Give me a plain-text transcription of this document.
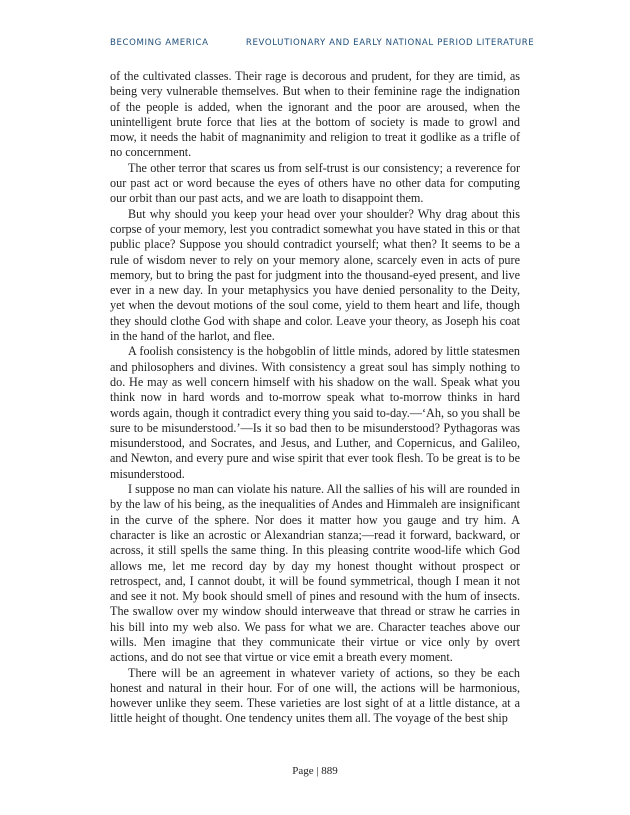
BECOMING AMERICA	REVOLUTIONARY AND EARLY NATIONAL PERIOD LITERATURE

of the cultivated classes. Their rage is decorous and prudent, for they are timid, as being very vulnerable themselves. But when to their feminine rage the indignation of the people is added, when the ignorant and the poor are aroused, when the unintelligent brute force that lies at the bottom of society is made to growl and mow, it needs the habit of magnanimity and religion to treat it godlike as a trifle of no concernment.

The other terror that scares us from self-trust is our consistency; a reverence for our past act or word because the eyes of others have no other data for computing our orbit than our past acts, and we are loath to disappoint them.

But why should you keep your head over your shoulder? Why drag about this corpse of your memory, lest you contradict somewhat you have stated in this or that public place? Suppose you should contradict yourself; what then? It seems to be a rule of wisdom never to rely on your memory alone, scarcely even in acts of pure memory, but to bring the past for judgment into the thousand-eyed present, and live ever in a new day. In your metaphysics you have denied personality to the Deity, yet when the devout motions of the soul come, yield to them heart and life, though they should clothe God with shape and color. Leave your theory, as Joseph his coat in the hand of the harlot, and flee.

A foolish consistency is the hobgoblin of little minds, adored by little statesmen and philosophers and divines. With consistency a great soul has simply nothing to do. He may as well concern himself with his shadow on the wall. Speak what you think now in hard words and to-morrow speak what to-morrow thinks in hard words again, though it contradict every thing you said to-day.—‘Ah, so you shall be sure to be misunderstood.’—Is it so bad then to be misunderstood? Pythagoras was misunderstood, and Socrates, and Jesus, and Luther, and Copernicus, and Galileo, and Newton, and every pure and wise spirit that ever took flesh. To be great is to be misunderstood.

I suppose no man can violate his nature. All the sallies of his will are rounded in by the law of his being, as the inequalities of Andes and Himmaleh are insignificant in the curve of the sphere. Nor does it matter how you gauge and try him. A character is like an acrostic or Alexandrian stanza;—read it forward, backward, or across, it still spells the same thing. In this pleasing contrite wood-life which God allows me, let me record day by day my honest thought without prospect or retrospect, and, I cannot doubt, it will be found symmetrical, though I mean it not and see it not. My book should smell of pines and resound with the hum of insects. The swallow over my window should interweave that thread or straw he carries in his bill into my web also. We pass for what we are. Character teaches above our wills. Men imagine that they communicate their virtue or vice only by overt actions, and do not see that virtue or vice emit a breath every moment.

There will be an agreement in whatever variety of actions, so they be each honest and natural in their hour. For of one will, the actions will be harmonious, however unlike they seem. These varieties are lost sight of at a little distance, at a little height of thought. One tendency unites them all. The voyage of the best ship

Page | 889
